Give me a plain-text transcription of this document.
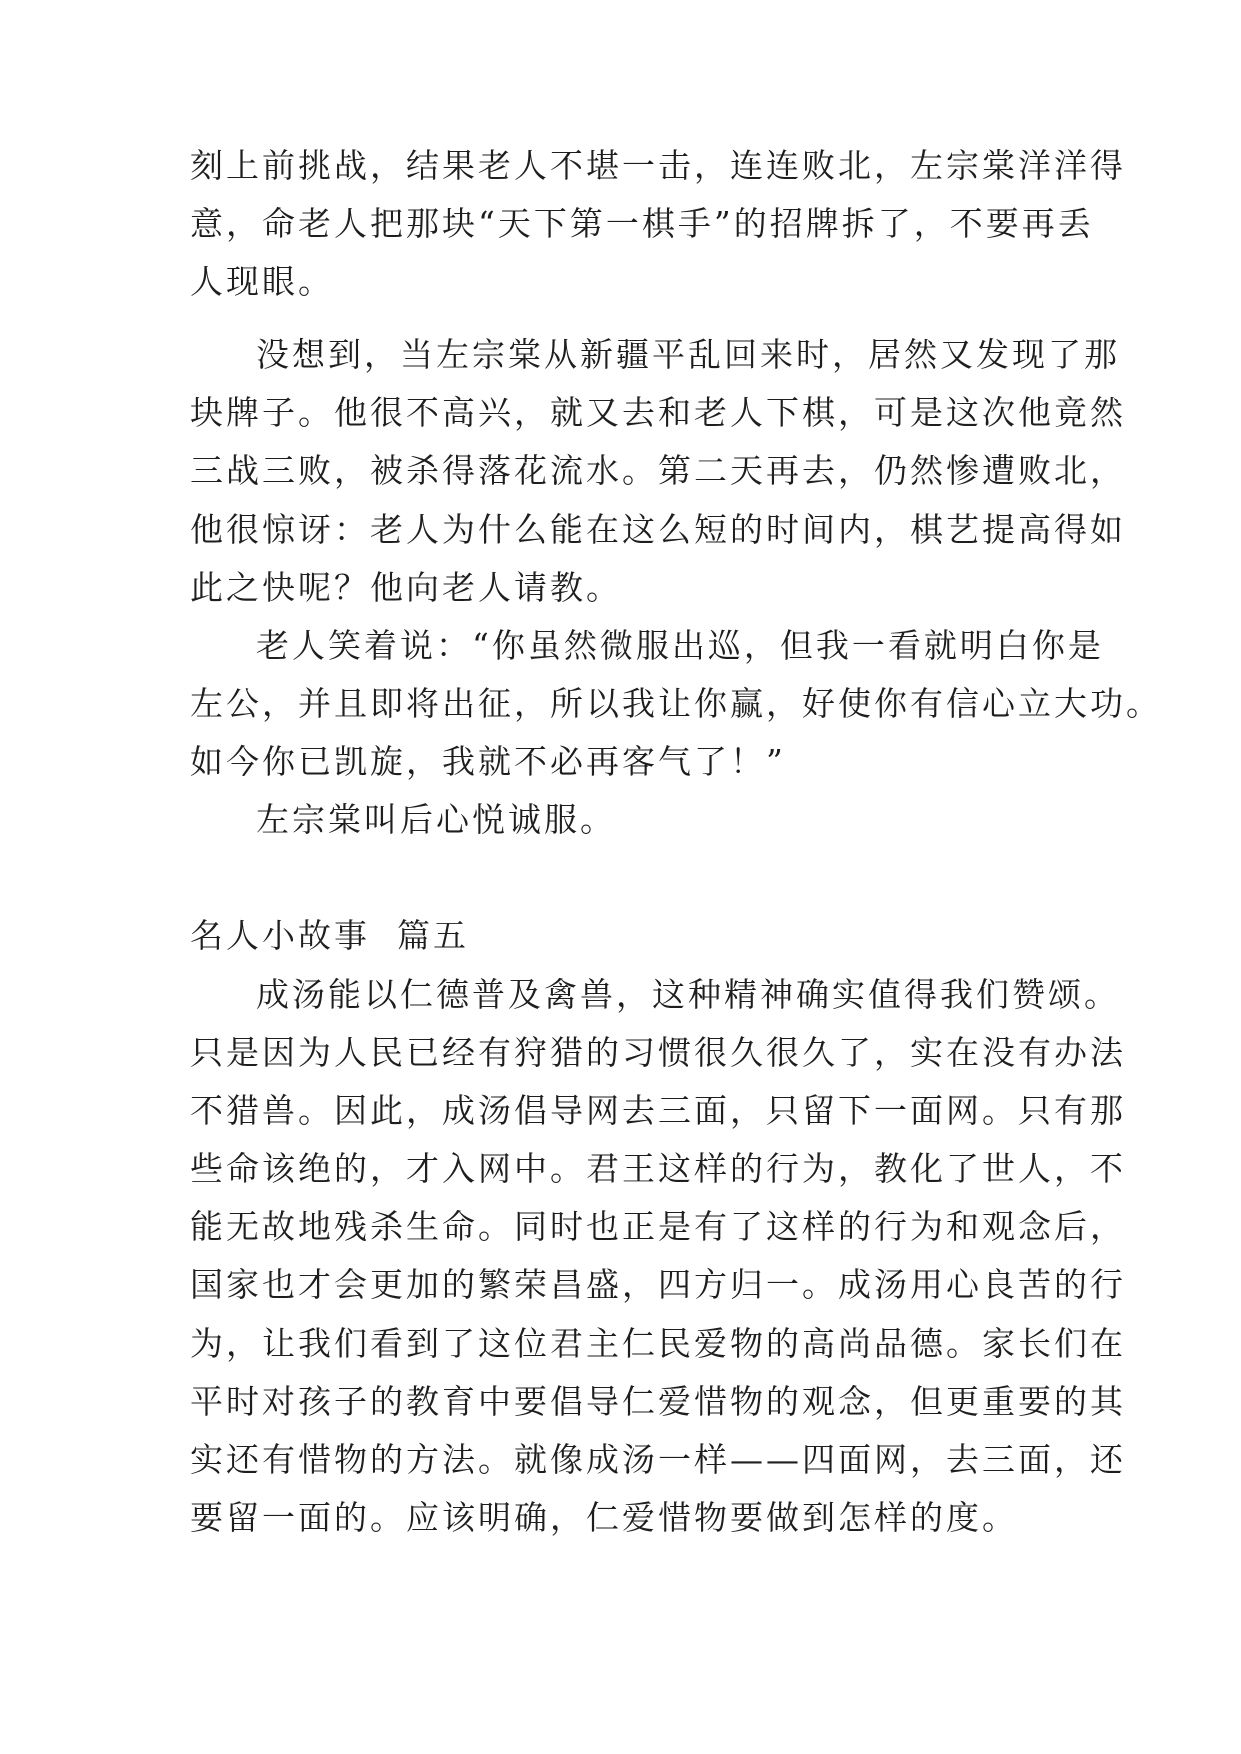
刻上前挑战，结果老人不堪一击，连连败北，左宗棠洋洋得
意，命老人把那块“天下第一棋手”的招牌拆了，不要再丢
人现眼。
没想到，当左宗棠从新疆平乱回来时，居然又发现了那
块牌子。他很不高兴，就又去和老人下棋，可是这次他竟然
三战三败，被杀得落花流水。第二天再去，仍然惨遭败北，
他很惊讶：老人为什么能在这么短的时间内，棋艺提高得如
此之快呢？他向老人请教。
老人笑着说：“你虽然微服出巡，但我一看就明白你是
左公，并且即将出征，所以我让你赢，好使你有信心立大功。
如今你已凯旋，我就不必再客气了！”
左宗棠叫后心悦诚服。
名人小故事  篇五
成汤能以仁德普及禽兽，这种精神确实值得我们赞颂。
只是因为人民已经有狩猎的习惯很久很久了，实在没有办法
不猎兽。因此，成汤倡导网去三面，只留下一面网。只有那
些命该绝的，才入网中。君王这样的行为，教化了世人，不
能无故地残杀生命。同时也正是有了这样的行为和观念后，
国家也才会更加的繁荣昌盛，四方归一。成汤用心良苦的行
为，让我们看到了这位君主仁民爱物的高尚品德。家长们在
平时对孩子的教育中要倡导仁爱惜物的观念，但更重要的其
实还有惜物的方法。就像成汤一样——四面网，去三面，还
要留一面的。应该明确，仁爱惜物要做到怎样的度。
